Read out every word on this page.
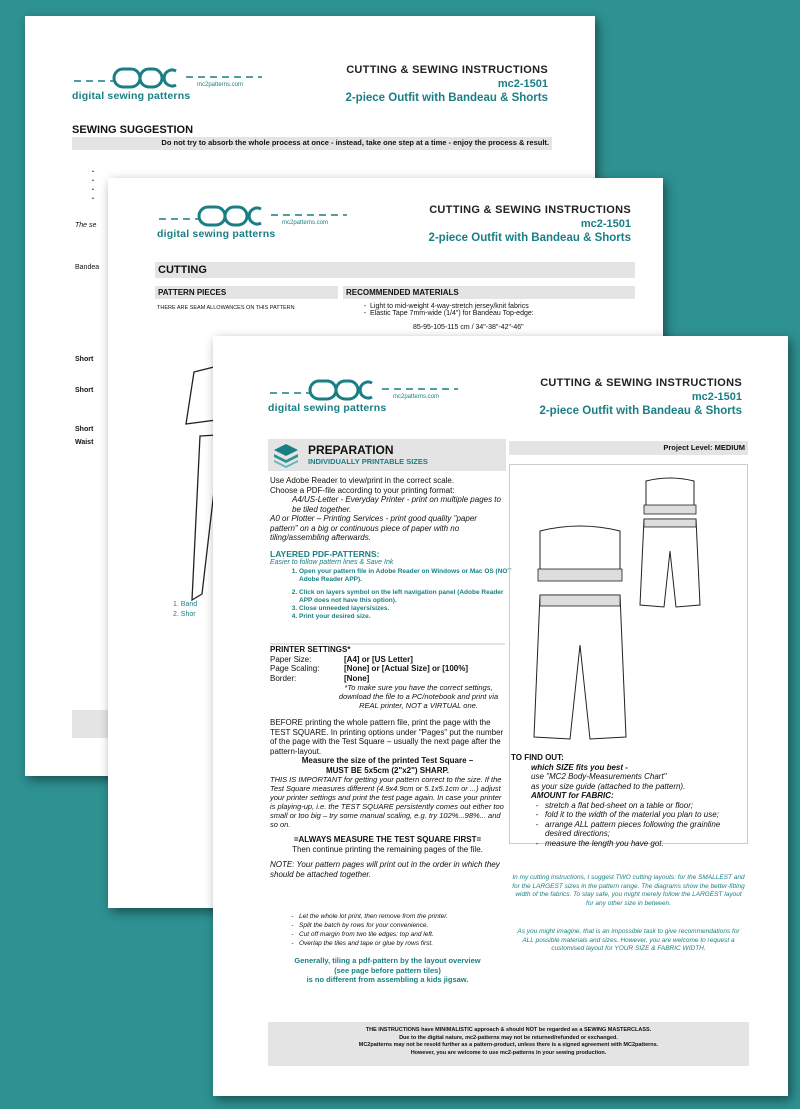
digital sewing patterns
mc2patterns.com
CUTTING & SEWING INSTRUCTIONS
mc2-1501
2-piece Outfit with Bandeau & Shorts
SEWING SUGGESTION
Do not try to absorb the whole process at once - instead, take one step at a time - enjoy the process & result.
•
•
•
•
The se
Bandea
Short
Short
Short
Waist
digital sewing patterns
mc2patterns.com
CUTTING & SEWING INSTRUCTIONS
mc2-1501
2-piece Outfit with Bandeau & Shorts
CUTTING
PATTERN PIECES	RECOMMENDED MATERIALS
THERE ARE SEAM ALLOWANCES ON THIS PATTERN
-	Light to mid-weight 4-way-stretch jersey/knit fabrics
- Elastic Tape 7mm-wide (1/4") for Bandeau Top-edge:
85-95-105-115 cm / 34"-38"-42"-46"
1. Band
2. Shor
digital sewing patterns
mc2patterns.com
CUTTING & SEWING INSTRUCTIONS
mc2-1501
2-piece Outfit with Bandeau & Shorts
PREPARATION
INDIVIDUALLY PRINTABLE SIZES
Project Level: MEDIUM
Use Adobe Reader to view/print in the correct scale.
Choose a PDF-file according to your printing format:
A4/US-Letter - Everyday Printer - print on multiple pages to be tiled together.
A0 or Plotter – Printing Services - print good quality "paper pattern" on a big or continuous piece of paper with no tiling/assembling afterwards.
LAYERED PDF-PATTERNS:
Easier to follow pattern lines & Save Ink
1. Open your pattern file in Adobe Reader on Windows or Mac OS (NOT Adobe Reader APP).
2. Click on layers symbol on the left navigation panel (Adobe Reader APP does not have this option).
3. Close unneeded layers/sizes.
4. Print your desired size.
PRINTER SETTINGS*
Paper Size:	[A4] or [US Letter]
Page Scaling:	[None] or [Actual Size] or [100%]
Border:	[None]
*To make sure you have the correct settings, download the file to a PC/notebook and print via REAL printer, NOT a VIRTUAL one.
BEFORE printing the whole pattern file, print the page with the TEST SQUARE. In printing options under "Pages" put the number of the page with the Test Square – usually the next page after the pattern-layout.
Measure the size of the printed Test Square –
MUST BE 5x5cm (2"x2") SHARP.
THIS IS IMPORTANT for getting your pattern correct to the size. If the Test Square measures different (4.9x4.9cm or 5.1x5.1cm or ...) adjust your printer settings and print the test page again. In case your printer is playing-up, i.e. the TEST SQUARE persistently comes out either too small or too big – try some manual scaling, e.g. try 102%...98%... and so on.
=ALWAYS MEASURE THE TEST SQUARE FIRST=
Then continue printing the remaining pages of the file.
NOTE: Your pattern pages will print out in the order in which they should be attached together.
- Let the whole lot print, then remove from the printer.
- Split the batch by rows for your convenience.
- Cut off margin from two tile edges: top and left.
- Overlap the tiles and tape or glue by rows first.
Generally, tiling a pdf-pattern by the layout overview
(see page before pattern tiles)
is no different from assembling a kids jigsaw.
TO FIND OUT:
which SIZE fits you best -
use "MC2 Body-Measurements Chart"
as your size guide (attached to the pattern).
AMOUNT for FABRIC:
- stretch a flat bed-sheet on a table or floor;
- fold it to the width of the material you plan to use;
- arrange ALL pattern pieces following the grainline desired directions;
- measure the length you have got.
In my cutting instructions, I suggest TWO cutting layouts: for the SMALLEST and for the LARGEST sizes in the pattern range. The diagrams show the better-fitting width of the fabrics. To stay safe, you might merely follow the LARGEST layout for any other size in between.
As you might imagine, that is an impossible task to give recommendations for ALL possible materials and sizes. However, you are welcome to request a customised layout for YOUR SIZE & FABRIC WIDTH.
THE INSTRUCTIONS have MINIMALISTIC approach & should NOT be regarded as a SEWING MASTERCLASS.
Due to the digital nature, mc2-patterns may not be returned/refunded or exchanged.
MC2patterns may not be resold further as a pattern-product, unless there is a signed agreement with MC2patterns.
However, you are welcome to use mc2-patterns in your sewing production.
